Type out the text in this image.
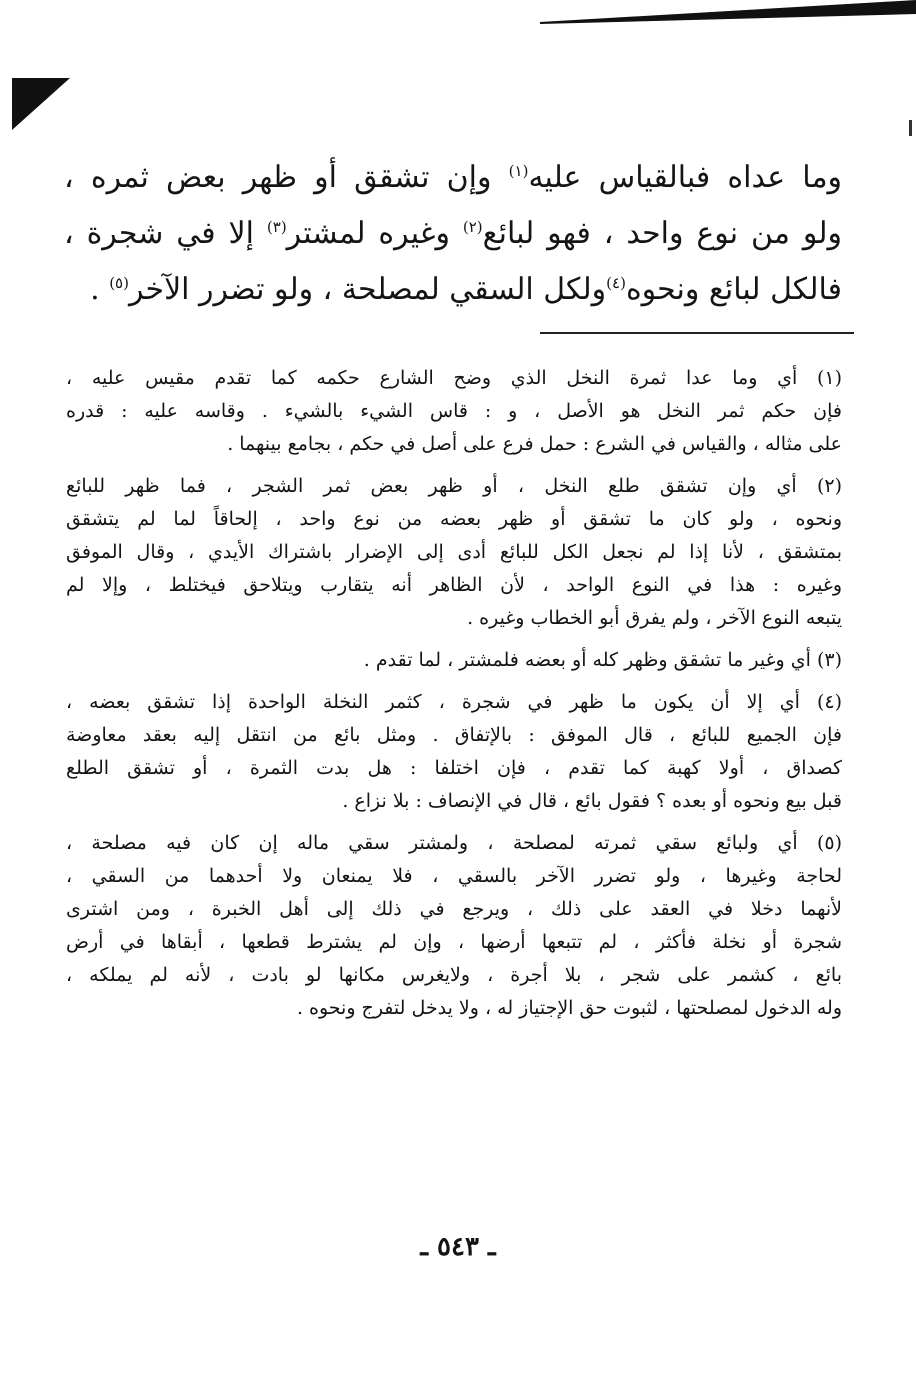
وما عداه فبالقياس عليه$^{(١)}$ وإن تشقق أو ظهر بعض ثمره ،
ولو من نوع واحد ، فهو لبائع$^{(٢)}$ وغيره لمشتر$^{(٣)}$ إلا في شجرة ،
فالكل لبائع ونحوه$^{(٤)}$ولكل السقي لمصلحة ، ولو تضرر الآخر$^{(٥)}$ .
(١) أي وما عدا ثمرة النخل الذي وضح الشارع حكمه كما تقدم مقيس عليه ،
فإن حكم ثمر النخل هو الأصل ، و : قاس الشيء بالشيء . وقاسه عليه : قدره
على مثاله ، والقياس في الشرع : حمل فرع على أصل في حكم ، بجامع بينهما .
(٢) أي وإن تشقق طلع النخل ، أو ظهر بعض ثمر الشجر ، فما ظهر للبائع
ونحوه ، ولو كان ما تشقق أو ظهر بعضه من نوع واحد ، إلحاقاً لما لم يتشقق
بمتشقق ، لأنا إذا لم نجعل الكل للبائع أدى إلى الإضرار باشتراك الأيدي ، وقال الموفق
وغيره : هذا في النوع الواحد ، لأن الظاهر أنه يتقارب ويتلاحق فيختلط ، وإلا لم
يتبعه النوع الآخر ، ولم يفرق أبو الخطاب وغيره .
(٣) أي وغير ما تشقق وظهر كله أو بعضه فلمشتر ، لما تقدم .
(٤) أي إلا أن يكون ما ظهر في شجرة ، كثمر النخلة الواحدة إذا تشقق بعضه ،
فإن الجميع للبائع ، قال الموفق : بالإتفاق . ومثل بائع من انتقل إليه بعقد معاوضة
كصداق ، أولا كهبة كما تقدم ، فإن اختلفا : هل بدت الثمرة ، أو تشقق الطلع
قبل بيع ونحوه أو بعده ؟ فقول بائع ، قال في الإنصاف : بلا نزاع .
(٥) أي ولبائع سقي ثمرته لمصلحة ، ولمشتر سقي ماله إن كان فيه مصلحة ،
لحاجة وغيرها ، ولو تضرر الآخر بالسقي ، فلا يمنعان ولا أحدهما من السقي ،
لأنهما دخلا في العقد على ذلك ، ويرجع في ذلك إلى أهل الخبرة ، ومن اشترى
شجرة أو نخلة فأكثر ، لم تتبعها أرضها ، وإن لم يشترط قطعها ، أبقاها في أرض
بائع ، كشمر على شجر ، بلا أجرة ، ولايغرس مكانها لو بادت ، لأنه لم يملكه ،
وله الدخول لمصلحتها ، لثبوت حق الإجتياز له ، ولا يدخل لتفرج ونحوه .
ـ ٥٤٣ ـ
